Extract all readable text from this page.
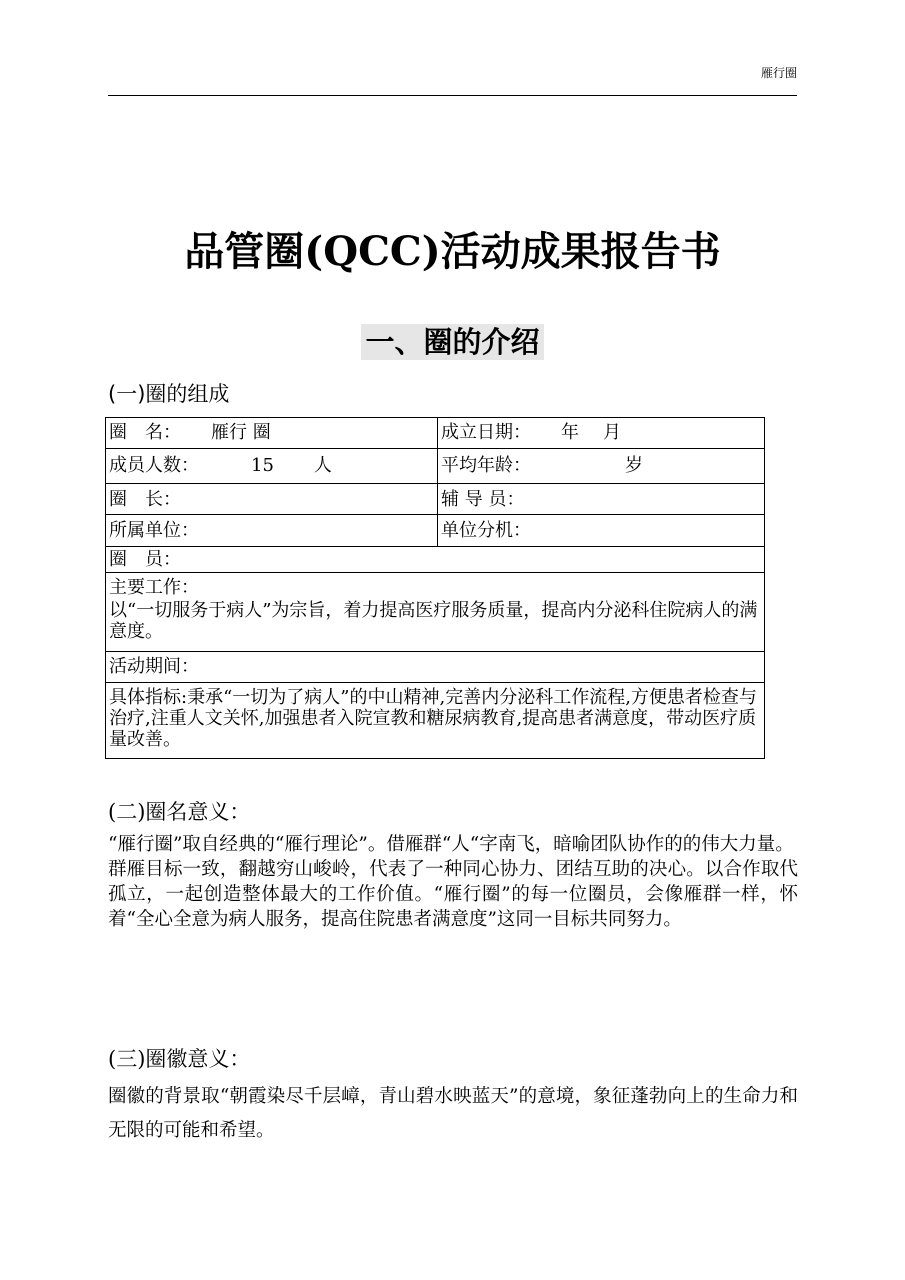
雁行圈
品管圈(QCC)活动成果报告书
一、圈的介绍
(一)圈的组成
圈　名： 雁行 圈	成立日期： 年 月
成员人数： 15 人	平均年龄： 岁
圈　长：	辅 导 员：
所属单位：	单位分机：
圈　员：	

主要工作：
以“一切服务于病人”为宗旨，着力提高医疗服务质量，提高内分泌科住院病人的满意度。	

活动期间：	

具体指标:秉承“一切为了病人”的中山精神,完善内分泌科工作流程,方便患者检查与治疗,注重人文关怀,加强患者入院宣教和糖尿病教育,提高患者满意度，带动医疗质量改善。	
(二)圈名意义：

“雁行圈”取自经典的“雁行理论”。借雁群“人“字南飞，暗喻团队协作的的伟大力量。

群雁目标一致，翻越穷山峻岭，代表了一种同心协力、团结互助的决心。以合作取代孤立，一起创造整体最大的工作价值。“雁行圈”的每一位圈员，会像雁群一样，怀着“全心全意为病人服务，提高住院患者满意度”这同一目标共同努力。

(三)圈徽意义：

圈徽的背景取“朝霞染尽千层嶂，青山碧水映蓝天”的意境，象征蓬勃向上的生命力和无限的可能和希望。
